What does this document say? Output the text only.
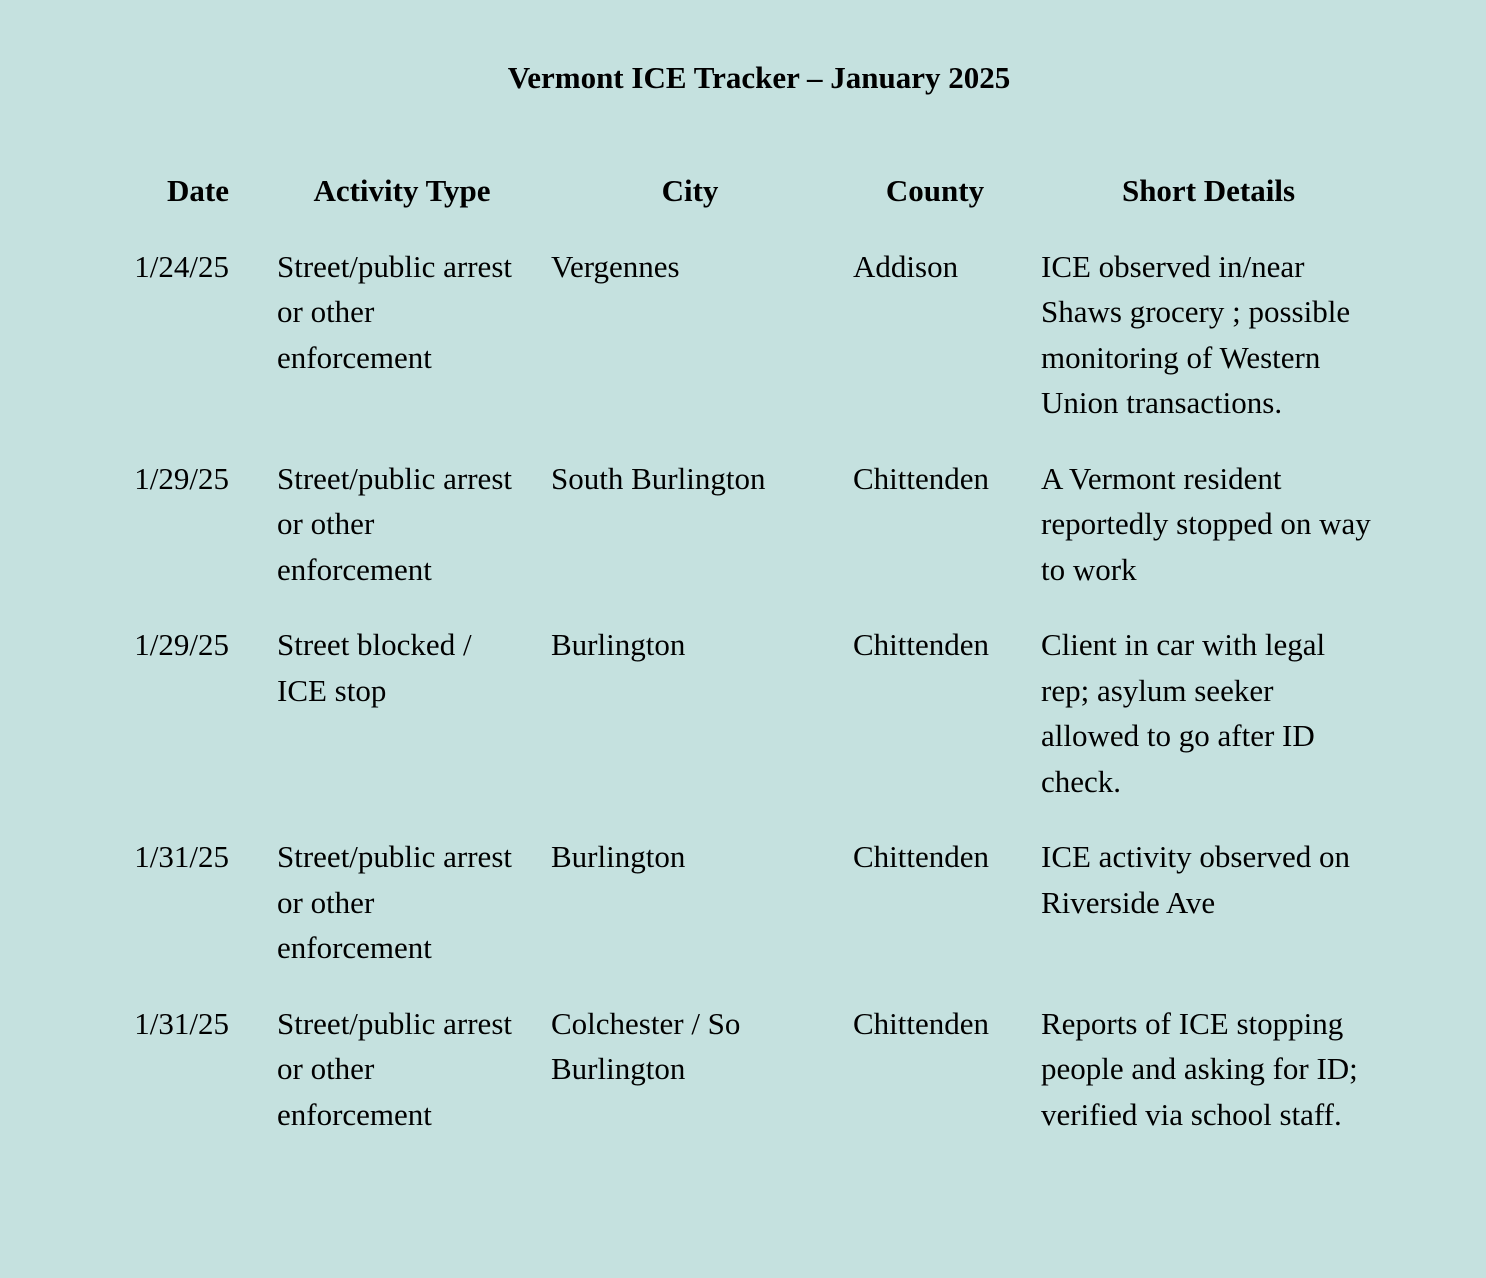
Vermont ICE Tracker – January 2025
Date	Activity Type	City	County	Short Details
1/24/25	Street/public arrest or other enforcement	Vergennes	Addison	ICE observed in/near Shaws grocery ; possible monitoring of Western Union transactions.
1/29/25	Street/public arrest or other enforcement	South Burlington	Chittenden	A Vermont resident reportedly stopped on way to work
1/29/25	Street blocked / ICE stop	Burlington	Chittenden	Client in car with legal rep; asylum seeker allowed to go after ID check.
1/31/25	Street/public arrest or other enforcement	Burlington	Chittenden	ICE activity observed on Riverside Ave
1/31/25	Street/public arrest or other enforcement	Colchester / So Burlington	Chittenden	Reports of ICE stopping people and asking for ID; verified via school staff.
